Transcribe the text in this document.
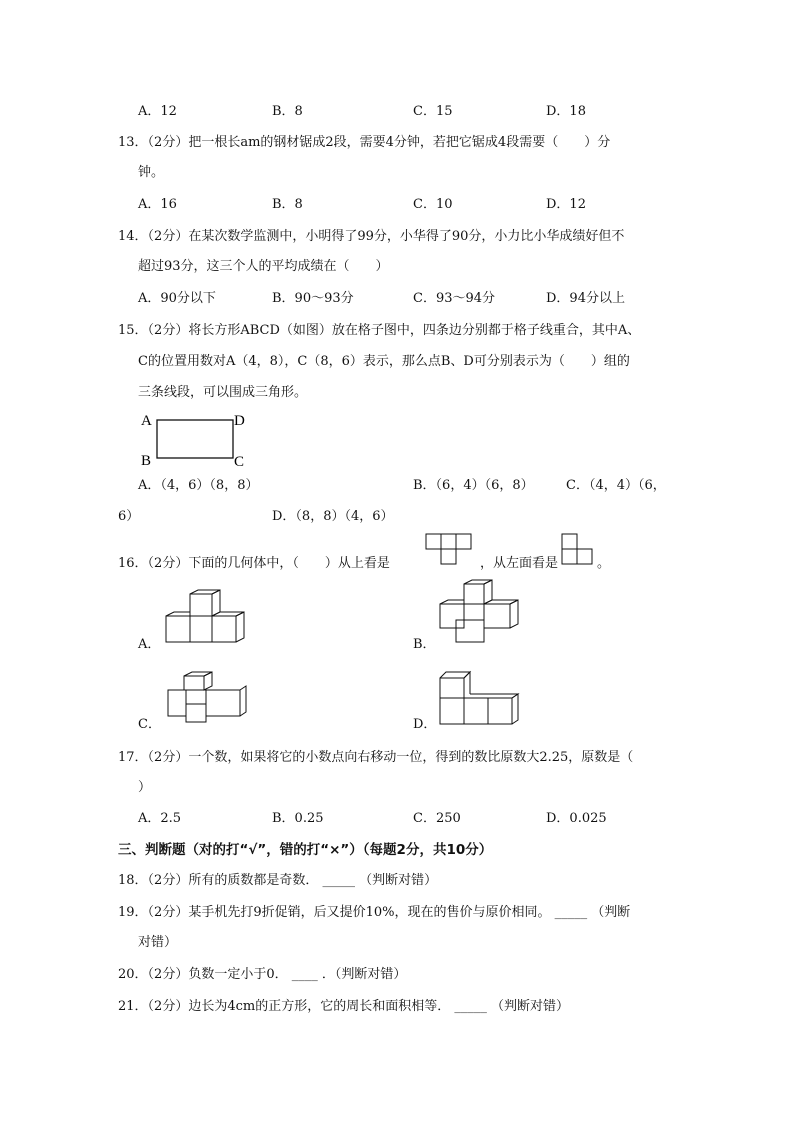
A．12	B．8	C．15	D．18
13．（2分）把一根长am的钢材锯成2段，需要4分钟，若把它锯成4段需要（　　）分
钟。
A．16	B．8	C．10	D．12
14．（2分）在某次数学监测中，小明得了99分，小华得了90分，小力比小华成绩好但不
超过93分，这三个人的平均成绩在（　　）
A．90分以下	B．90～93分	C．93～94分	D．94分以上
15．（2分）将长方形ABCD（如图）放在格子图中，四条边分别都于格子线重合，其中A、
C的位置用数对A（4，8），C（8，6）表示，那么点B、D可分别表示为（　　）组的
三条线段，可以围成三角形。
A	D
B	C
A．（4，6）（8，8）	B．（6，4）（6，8） C．（4，4）（6，
6）	D．（8，8）（4，6）
16．（2分）下面的几何体中，（　　）从上看是	，从左面看是	。
A．	B．
C．	D．
17．（2分）一个数，如果将它的小数点向右移动一位，得到的数比原数大2.25，原数是（
）
A．2.5	B．0.25	C．250	D．0.025
三、判断题（对的打“√”，错的打“×”）（每题2分，共10分）
18．（2分）所有的质数都是奇数． _____ （判断对错）
19．（2分）某手机先打9折促销，后又提价10%，现在的售价与原价相同。 _____ （判断
对错）
20．（2分）负数一定小于0． ____ ．（判断对错）
21．（2分）边长为4cm的正方形，它的周长和面积相等． _____ （判断对错）
